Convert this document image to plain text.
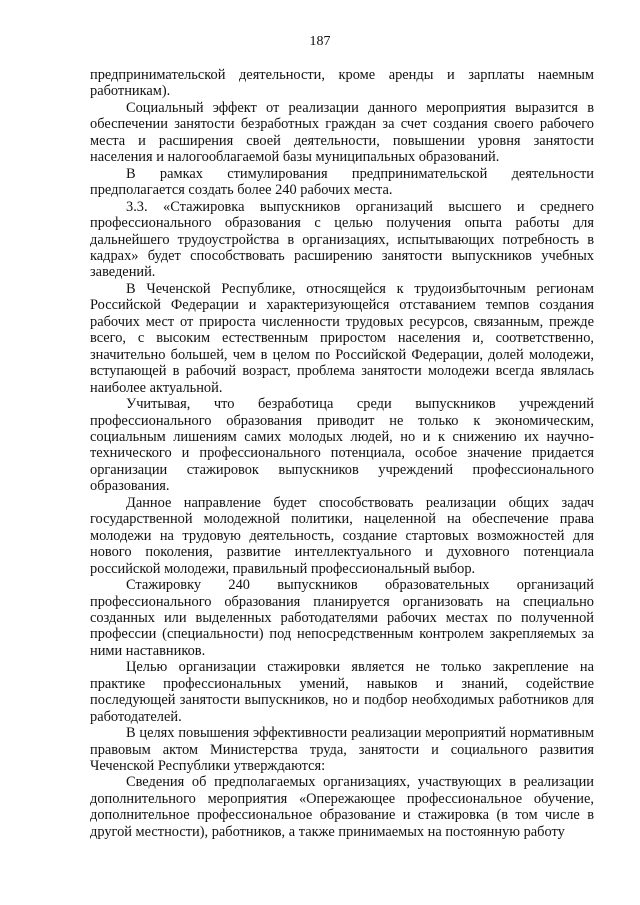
187

предпринимательской деятельности, кроме аренды и зарплаты наемным работникам).

Социальный эффект от реализации данного мероприятия выразится в обеспечении занятости безработных граждан за счет создания своего рабочего места и расширения своей деятельности, повышении уровня занятости населения и налогооблагаемой базы муниципальных образований.

В рамках стимулирования предпринимательской деятельности предполагается создать более 240 рабочих места.

3.3. «Стажировка выпускников организаций высшего и среднего профессионального образования с целью получения опыта работы для дальнейшего трудоустройства в организациях, испытывающих потребность в кадрах» будет способствовать расширению занятости выпускников учебных заведений.

В Чеченской Республике, относящейся к трудоизбыточным регионам Российской Федерации и характеризующейся отставанием темпов создания рабочих мест от прироста численности трудовых ресурсов, связанным, прежде всего, с высоким естественным приростом населения и, соответственно, значительно большей, чем в целом по Российской Федерации, долей молодежи, вступающей в рабочий возраст, проблема занятости молодежи всегда являлась наиболее актуальной.

Учитывая, что безработица среди выпускников учреждений профессионального образования приводит не только к экономическим, социальным лишениям самих молодых людей, но и к снижению их научно-технического и профессионального потенциала, особое значение придается организации стажировок выпускников учреждений профессионального образования.

Данное направление будет способствовать реализации общих задач государственной молодежной политики, нацеленной на обеспечение права молодежи на трудовую деятельность, создание стартовых возможностей для нового поколения, развитие интеллектуального и духовного потенциала российской молодежи, правильный профессиональный выбор.

Стажировку 240 выпускников образовательных организаций профессионального образования планируется организовать на специально созданных или выделенных работодателями рабочих местах по полученной профессии (специальности) под непосредственным контролем закрепляемых за ними наставников.

Целью организации стажировки является не только закрепление на практике профессиональных умений, навыков и знаний, содействие последующей занятости выпускников, но и подбор необходимых работников для работодателей.

В целях повышения эффективности реализации мероприятий нормативным правовым актом Министерства труда, занятости и социального развития Чеченской Республики утверждаются:

Сведения об предполагаемых организациях, участвующих в реализации дополнительного мероприятия «Опережающее профессиональное обучение, дополнительное профессиональное образование и стажировка (в том числе в другой местности), работников, а также принимаемых на постоянную работу
